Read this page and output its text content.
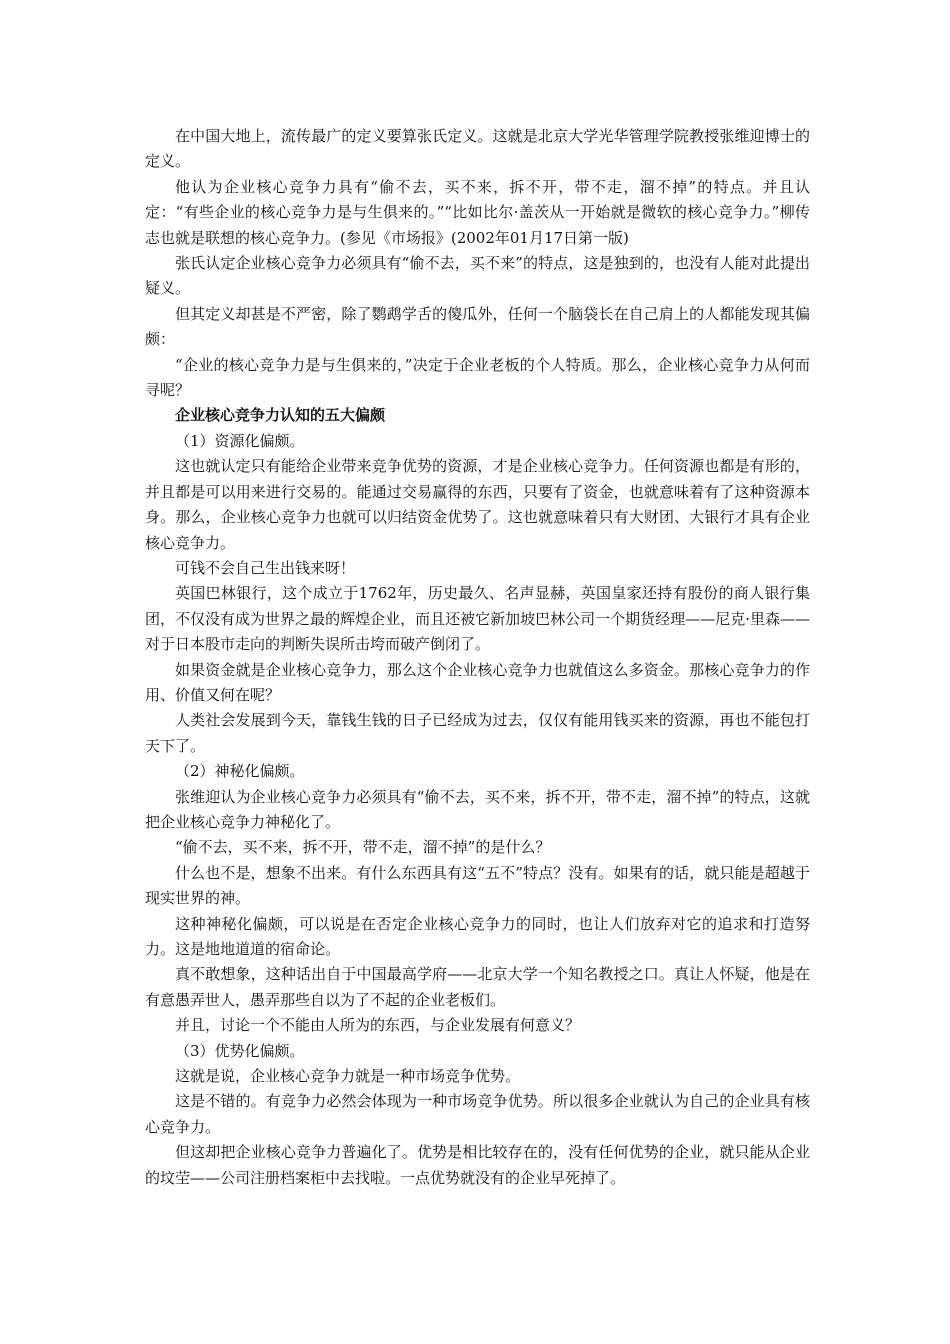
在中国大地上，流传最广的定义要算张氏定义。这就是北京大学光华管理学院教授张维迎博士的定义。

他认为企业核心竞争力具有“偷不去，买不来，拆不开，带不走，溜不掉”的特点。并且认定：“有些企业的核心竞争力是与生俱来的。”“比如比尔·盖茨从一开始就是微软的核心竞争力。”柳传志也就是联想的核心竞争力。(参见《市场报》(2002年01月17日第一版)

张氏认定企业核心竞争力必须具有“偷不去，买不来”的特点，这是独到的，也没有人能对此提出疑义。

但其定义却甚是不严密，除了鹦鹉学舌的傻瓜外，任何一个脑袋长在自己肩上的人都能发现其偏颇：

“企业的核心竞争力是与生俱来的，”决定于企业老板的个人特质。那么，企业核心竞争力从何而寻呢？

企业核心竞争力认知的五大偏颇

（1）资源化偏颇。

这也就认定只有能给企业带来竞争优势的资源，才是企业核心竞争力。任何资源也都是有形的，并且都是可以用来进行交易的。能通过交易赢得的东西，只要有了资金，也就意味着有了这种资源本身。那么，企业核心竞争力也就可以归结资金优势了。这也就意味着只有大财团、大银行才具有企业核心竞争力。

可钱不会自己生出钱来呀！

英国巴林银行，这个成立于1762年，历史最久、名声显赫，英国皇家还持有股份的商人银行集团，不仅没有成为世界之最的辉煌企业，而且还被它新加坡巴林公司一个期货经理——尼克·里森——对于日本股市走向的判断失误所击垮而破产倒闭了。

如果资金就是企业核心竞争力，那么这个企业核心竞争力也就值这么多资金。那核心竞争力的作用、价值又何在呢？

人类社会发展到今天，靠钱生钱的日子已经成为过去，仅仅有能用钱买来的资源，再也不能包打天下了。

（2）神秘化偏颇。

张维迎认为企业核心竞争力必须具有“偷不去，买不来，拆不开，带不走，溜不掉”的特点，这就把企业核心竞争力神秘化了。

“偷不去，买不来，拆不开，带不走，溜不掉”的是什么？

什么也不是，想象不出来。有什么东西具有这“五不”特点？没有。如果有的话，就只能是超越于现实世界的神。

这种神秘化偏颇，可以说是在否定企业核心竞争力的同时，也让人们放弃对它的追求和打造努力。这是地地道道的宿命论。

真不敢想象，这种话出自于中国最高学府——北京大学一个知名教授之口。真让人怀疑，他是在有意愚弄世人，愚弄那些自以为了不起的企业老板们。

并且，讨论一个不能由人所为的东西，与企业发展有何意义？

（3）优势化偏颇。

这就是说，企业核心竞争力就是一种市场竞争优势。

这是不错的。有竞争力必然会体现为一种市场竞争优势。所以很多企业就认为自己的企业具有核心竞争力。

但这却把企业核心竞争力普遍化了。优势是相比较存在的，没有任何优势的企业，就只能从企业的坟茔——公司注册档案柜中去找啦。一点优势就没有的企业早死掉了。
